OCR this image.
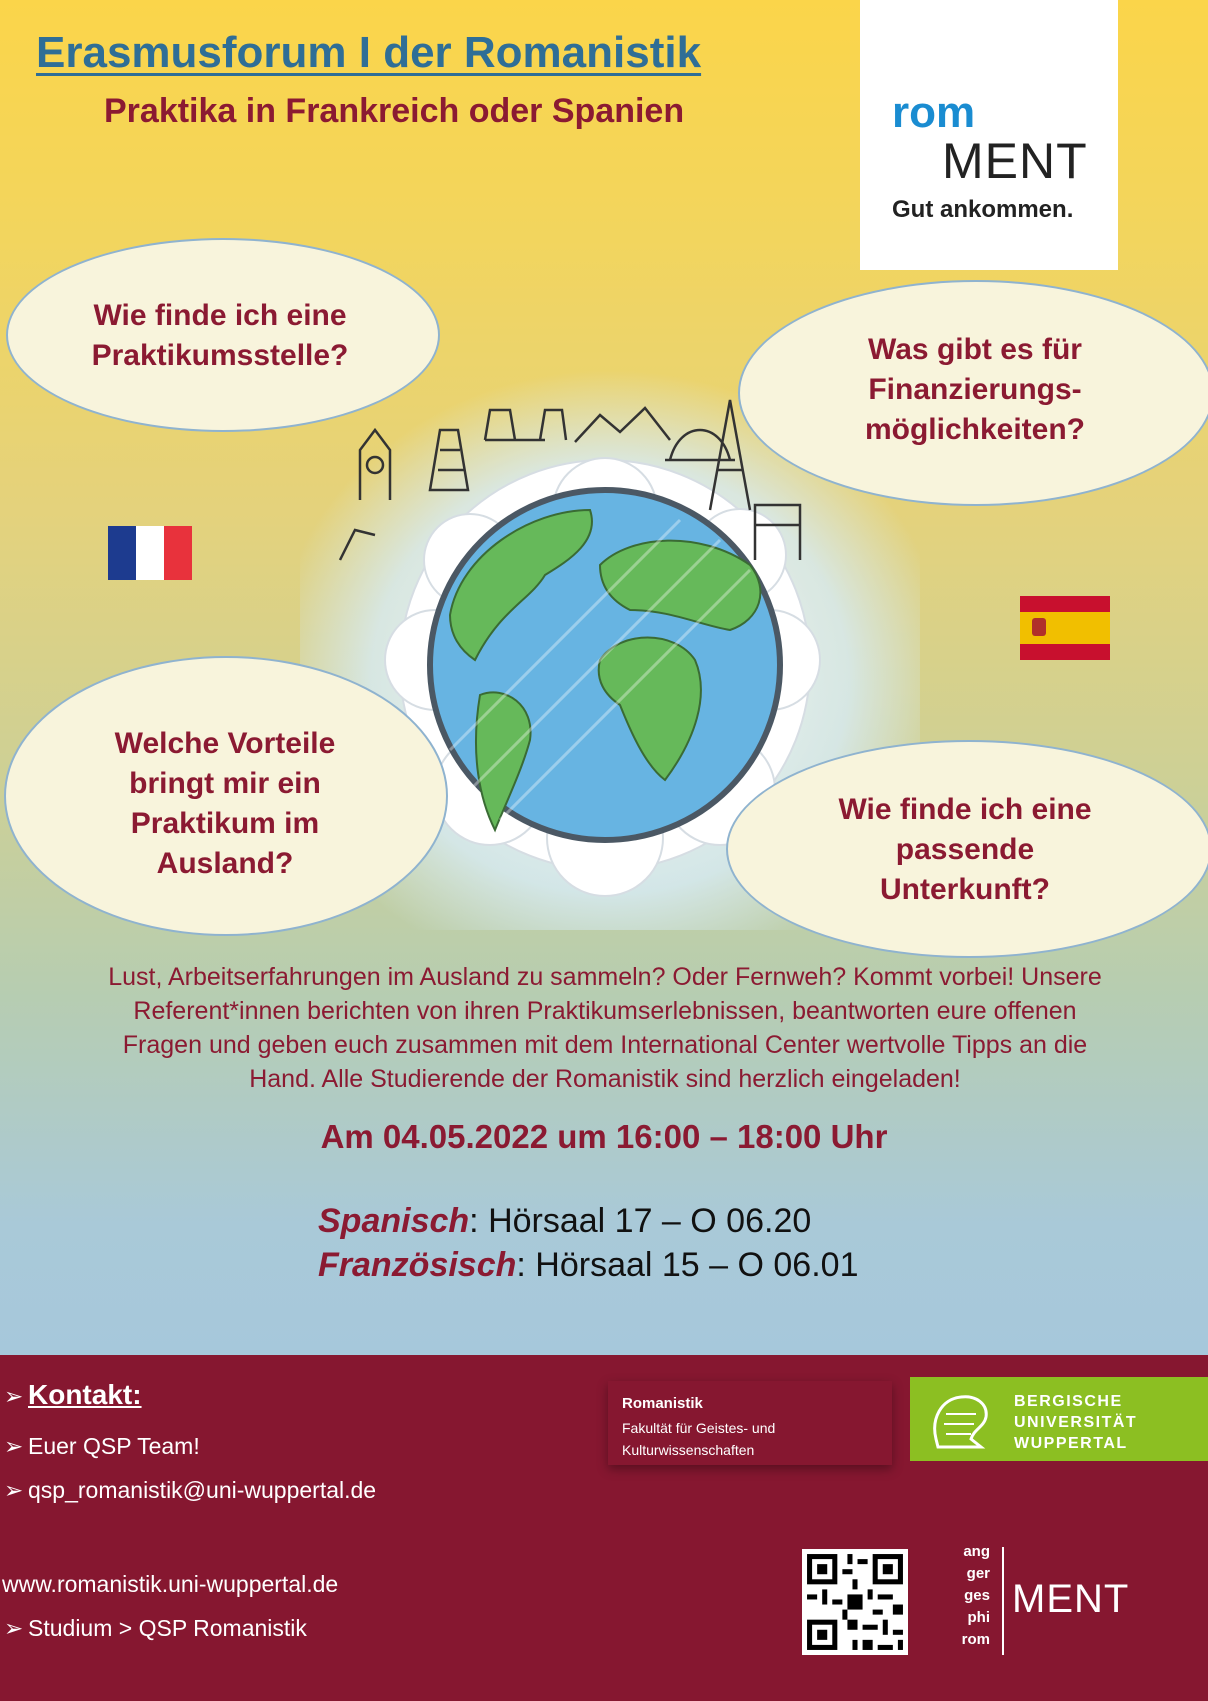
Erasmusforum I der Romanistik
Praktika in Frankreich oder Spanien	rom
MENT
Gut ankommen.
Wie finde ich eine
Praktikumsstelle?	Was gibt es für
Finanzierungs-
möglichkeiten?
Welche Vorteile
bringt mir ein
Praktikum im
Ausland?
Wie finde ich eine
passende
Unterkunft?
Lust, Arbeitserfahrungen im Ausland zu sammeln? Oder Fernweh? Kommt vorbei! Unsere
Referent*innen berichten von ihren Praktikumserlebnissen, beantworten eure offenen
Fragen und geben euch zusammen mit dem International Center wertvolle Tipps an die
Hand. Alle Studierende der Romanistik sind herzlich eingeladen!
Am 04.05.2022 um 16:00 – 18:00 Uhr
Spanisch: Hörsaal 17 – O 06.20
Französisch: Hörsaal 15 – O 06.01
➢ Kontakt:
➢ Euer QSP Team!
➢ qsp_romanistik@uni-wuppertal.de
www.romanistik.uni-wuppertal.de
➢ Studium > QSP Romanistik
Romanistik
Fakultät für Geistes- und Kulturwissenschaften
BERGISCHE
UNIVERSITÄT
WUPPERTAL
ang
ger
ges
phi
rom
MENT
